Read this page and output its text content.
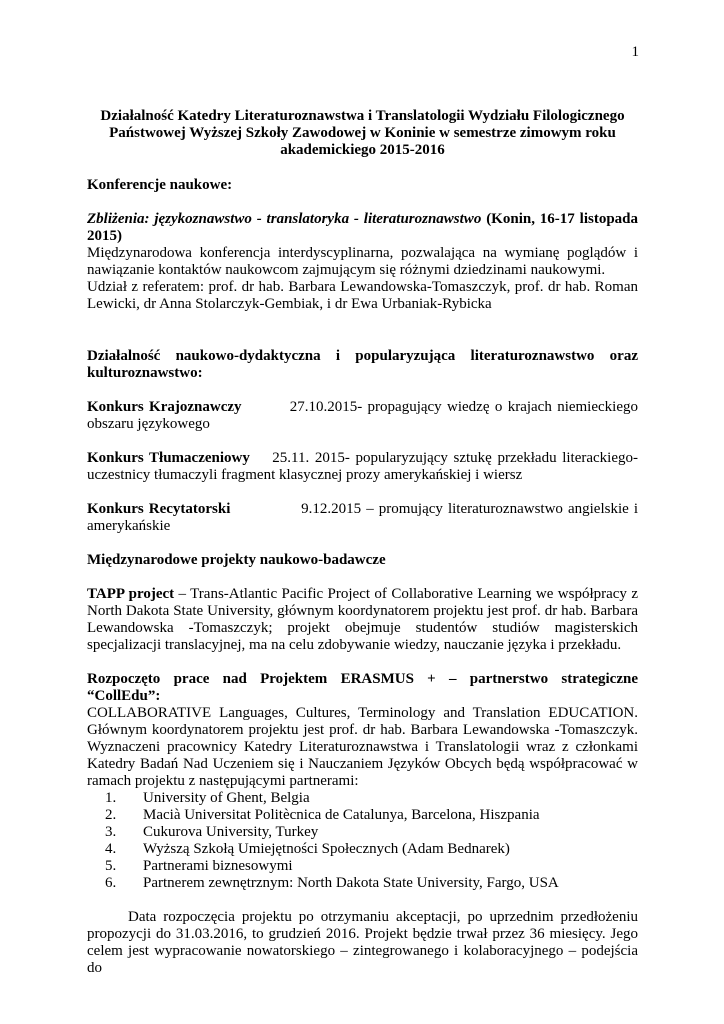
1

Działalność Katedry Literaturoznawstwa i Translatologii Wydziału Filologicznego

Państwowej Wyższej Szkoły Zawodowej w Koninie w semestrze zimowym roku

akademickiego 2015-2016

Konferencje naukowe:

Zbliżenia: językoznawstwo - translatoryka - literaturoznawstwo (Konin, 16-17 listopada 2015)

Międzynarodowa konferencja interdyscyplinarna, pozwalająca na wymianę poglądów i nawiązanie kontaktów naukowcom zajmującym się różnymi dziedzinami naukowymi.

Udział z referatem: prof. dr hab. Barbara Lewandowska-Tomaszczyk, prof. dr hab. Roman Lewicki, dr Anna Stolarczyk-Gembiak, i dr Ewa Urbaniak-Rybicka

Działalność naukowo-dydaktyczna i popularyzująca literaturoznawstwo oraz kulturoznawstwo:

Konkurs Krajoznawczy	27.10.2015- propagujący wiedzę o krajach niemieckiego obszaru językowego

Konkurs Tłumaczeniowy 25.11. 2015- popularyzujący sztukę przekładu literackiego- uczestnicy tłumaczyli fragment klasycznej prozy amerykańskiej i wiersz

Konkurs Recytatorski	9.12.2015 – promujący literaturoznawstwo angielskie i amerykańskie

Międzynarodowe projekty naukowo-badawcze

TAPP project – Trans-Atlantic Pacific Project of Collaborative Learning we współpracy z North Dakota State University, głównym koordynatorem projektu jest prof. dr hab. Barbara Lewandowska -Tomaszczyk; projekt obejmuje studentów studiów magisterskich specjalizacji translacyjnej, ma na celu zdobywanie wiedzy, nauczanie języka i przekładu.

Rozpoczęto prace nad Projektem ERASMUS + – partnerstwo strategiczne “CollEdu”:

COLLABORATIVE Languages, Cultures, Terminology and Translation EDUCATION. Głównym koordynatorem projektu jest prof. dr hab. Barbara Lewandowska -Tomaszczyk. Wyznaczeni pracownicy Katedry Literaturoznawstwa i Translatologii wraz z członkami Katedry Badań Nad Uczeniem się i Nauczaniem Języków Obcych będą współpracować w ramach projektu z następującymi partnerami:

1.	University of Ghent, Belgia
2.	Macià Universitat Politècnica de Catalunya, Barcelona, Hiszpania
3.	Cukurova University, Turkey
4.	Wyższą Szkołą Umiejętności Społecznych (Adam Bednarek)
5.	Partnerami biznesowymi
6.	Partnerem zewnętrznym: North Dakota State University, Fargo, USA

Data rozpoczęcia projektu po otrzymaniu akceptacji, po uprzednim przedłożeniu propozycji do 31.03.2016, to grudzień 2016. Projekt będzie trwał przez 36 miesięcy. Jego celem jest wypracowanie nowatorskiego – zintegrowanego i kolaboracyjnego – podejścia do
